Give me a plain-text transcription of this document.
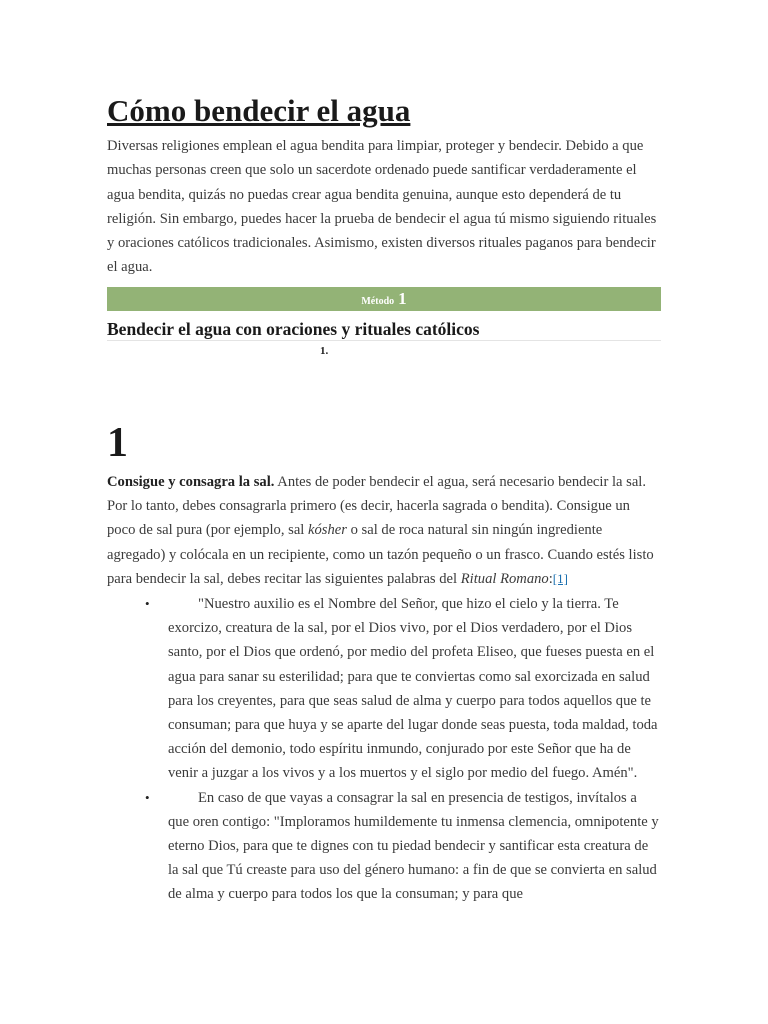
Cómo bendecir el agua

Diversas religiones emplean el agua bendita para limpiar, proteger y bendecir. Debido a que muchas personas creen que solo un sacerdote ordenado puede santificar verdaderamente el agua bendita, quizás no puedas crear agua bendita genuina, aunque esto dependerá de tu religión. Sin embargo, puedes hacer la prueba de bendecir el agua tú mismo siguiendo rituales y oraciones católicos tradicionales. Asimismo, existen diversos rituales paganos para bendecir el agua.

Método 1
Bendecir el agua con oraciones y rituales católicos
1.
1

Consigue y consagra la sal. Antes de poder bendecir el agua, será necesario bendecir la sal. Por lo tanto, debes consagrarla primero (es decir, hacerla sagrada o bendita). Consigue un poco de sal pura (por ejemplo, sal kósher o sal de roca natural sin ningún ingrediente agregado) y colócala en un recipiente, como un tazón pequeño o un frasco. Cuando estés listo para bendecir la sal, debes recitar las siguientes palabras del Ritual Romano:[1]

•	"Nuestro auxilio es el Nombre del Señor, que hizo el cielo y la tierra. Te exorcizo, creatura de la sal, por el Dios vivo, por el Dios verdadero, por el Dios santo, por el Dios que ordenó, por medio del profeta Eliseo, que fueses puesta en el agua para sanar su esterilidad; para que te conviertas como sal exorcizada en salud para los creyentes, para que seas salud de alma y cuerpo para todos aquellos que te consuman; para que huya y se aparte del lugar donde seas puesta, toda maldad, toda acción del demonio, todo espíritu inmundo, conjurado por este Señor que ha de venir a juzgar a los vivos y a los muertos y el siglo por medio del fuego. Amén".
•	En caso de que vayas a consagrar la sal en presencia de testigos, invítalos a que oren contigo: "Imploramos humildemente tu inmensa clemencia, omnipotente y eterno Dios, para que te dignes con tu piedad bendecir y santificar esta creatura de la sal que Tú creaste para uso del género humano: a fin de que se convierta en salud de alma y cuerpo para todos los que la consuman; y para que
